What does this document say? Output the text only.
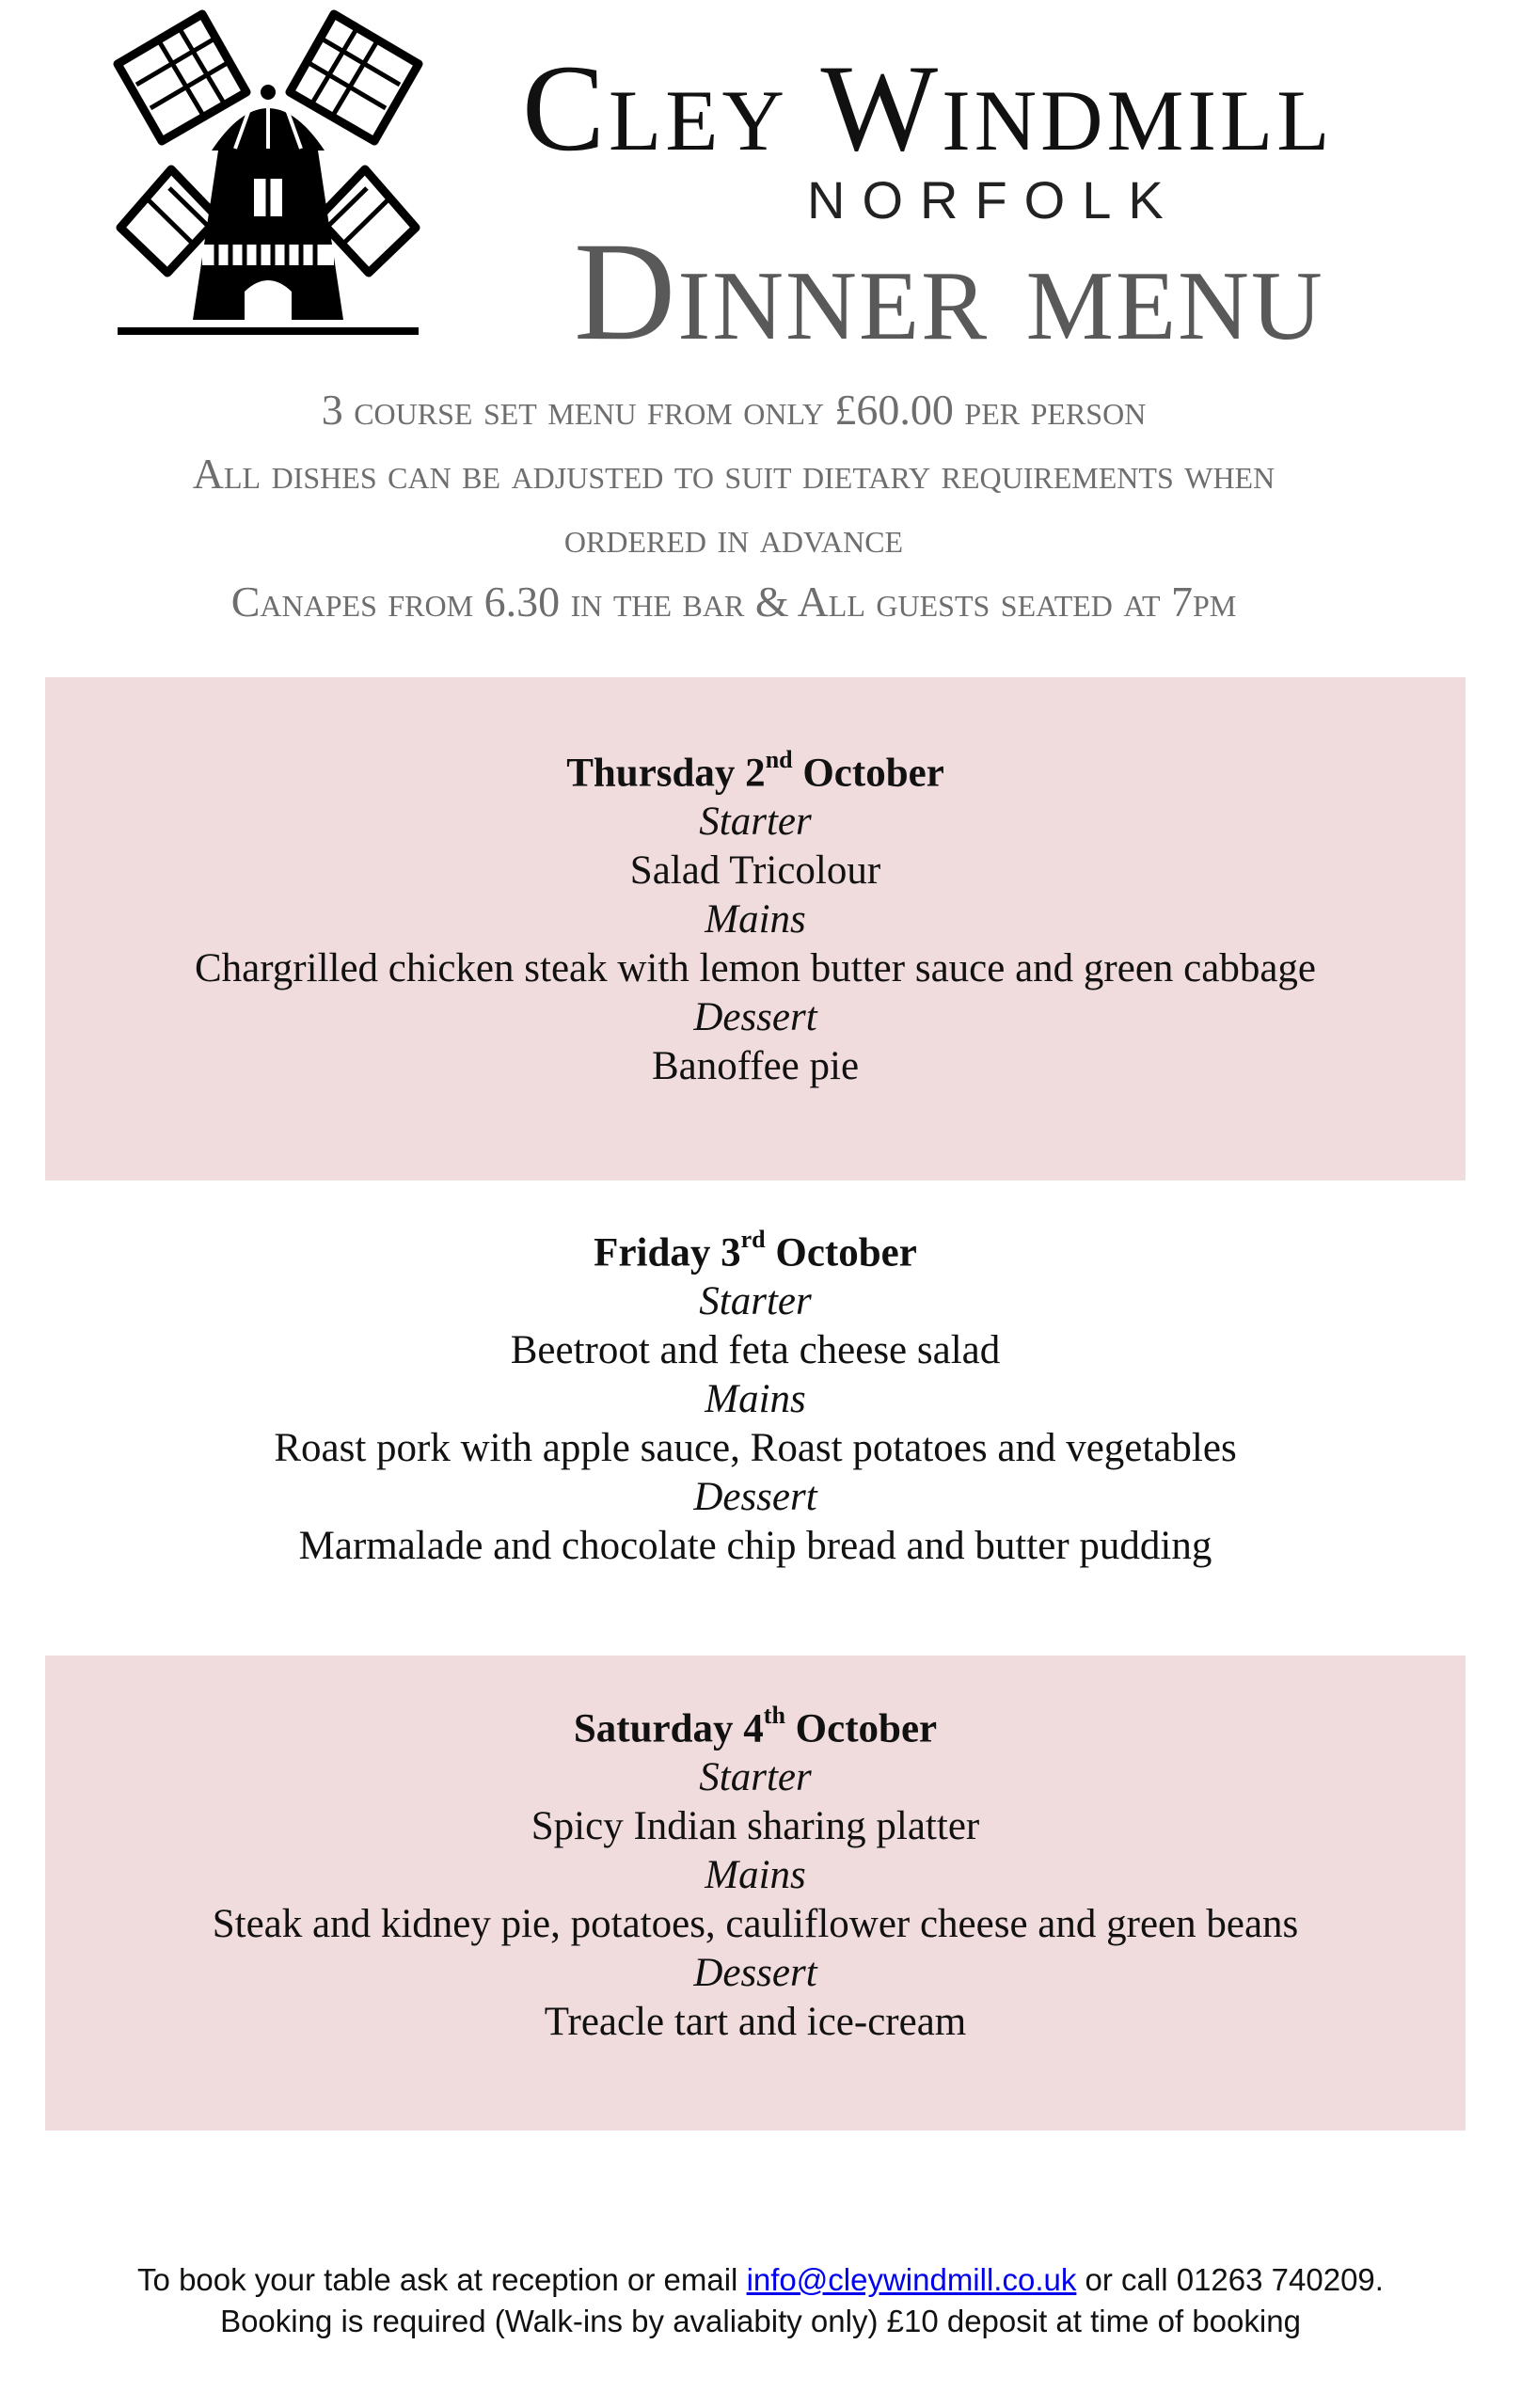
Cley Windmill
NORFOLK
Dinner menu
3 course set menu from only £60.00 per person
All dishes can be adjusted to suit dietary requirements when
ordered in advance
Canapes from 6.30 in the bar & All guests seated at 7pm
Thursday 2nd October
Starter
Salad Tricolour
Mains
Chargrilled chicken steak with lemon butter sauce and green cabbage
Dessert
Banoffee pie
Friday 3rd October
Starter
Beetroot and feta cheese salad
Mains
Roast pork with apple sauce, Roast potatoes and vegetables
Dessert
Marmalade and chocolate chip bread and butter pudding
Saturday 4th October
Starter
Spicy Indian sharing platter
Mains
Steak and kidney pie, potatoes, cauliflower cheese and green beans
Dessert
Treacle tart and ice-cream
To book your table ask at reception or email info@cleywindmill.co.uk or call 01263 740209.
Booking is required (Walk-ins by avaliabity only) £10 deposit at time of booking
